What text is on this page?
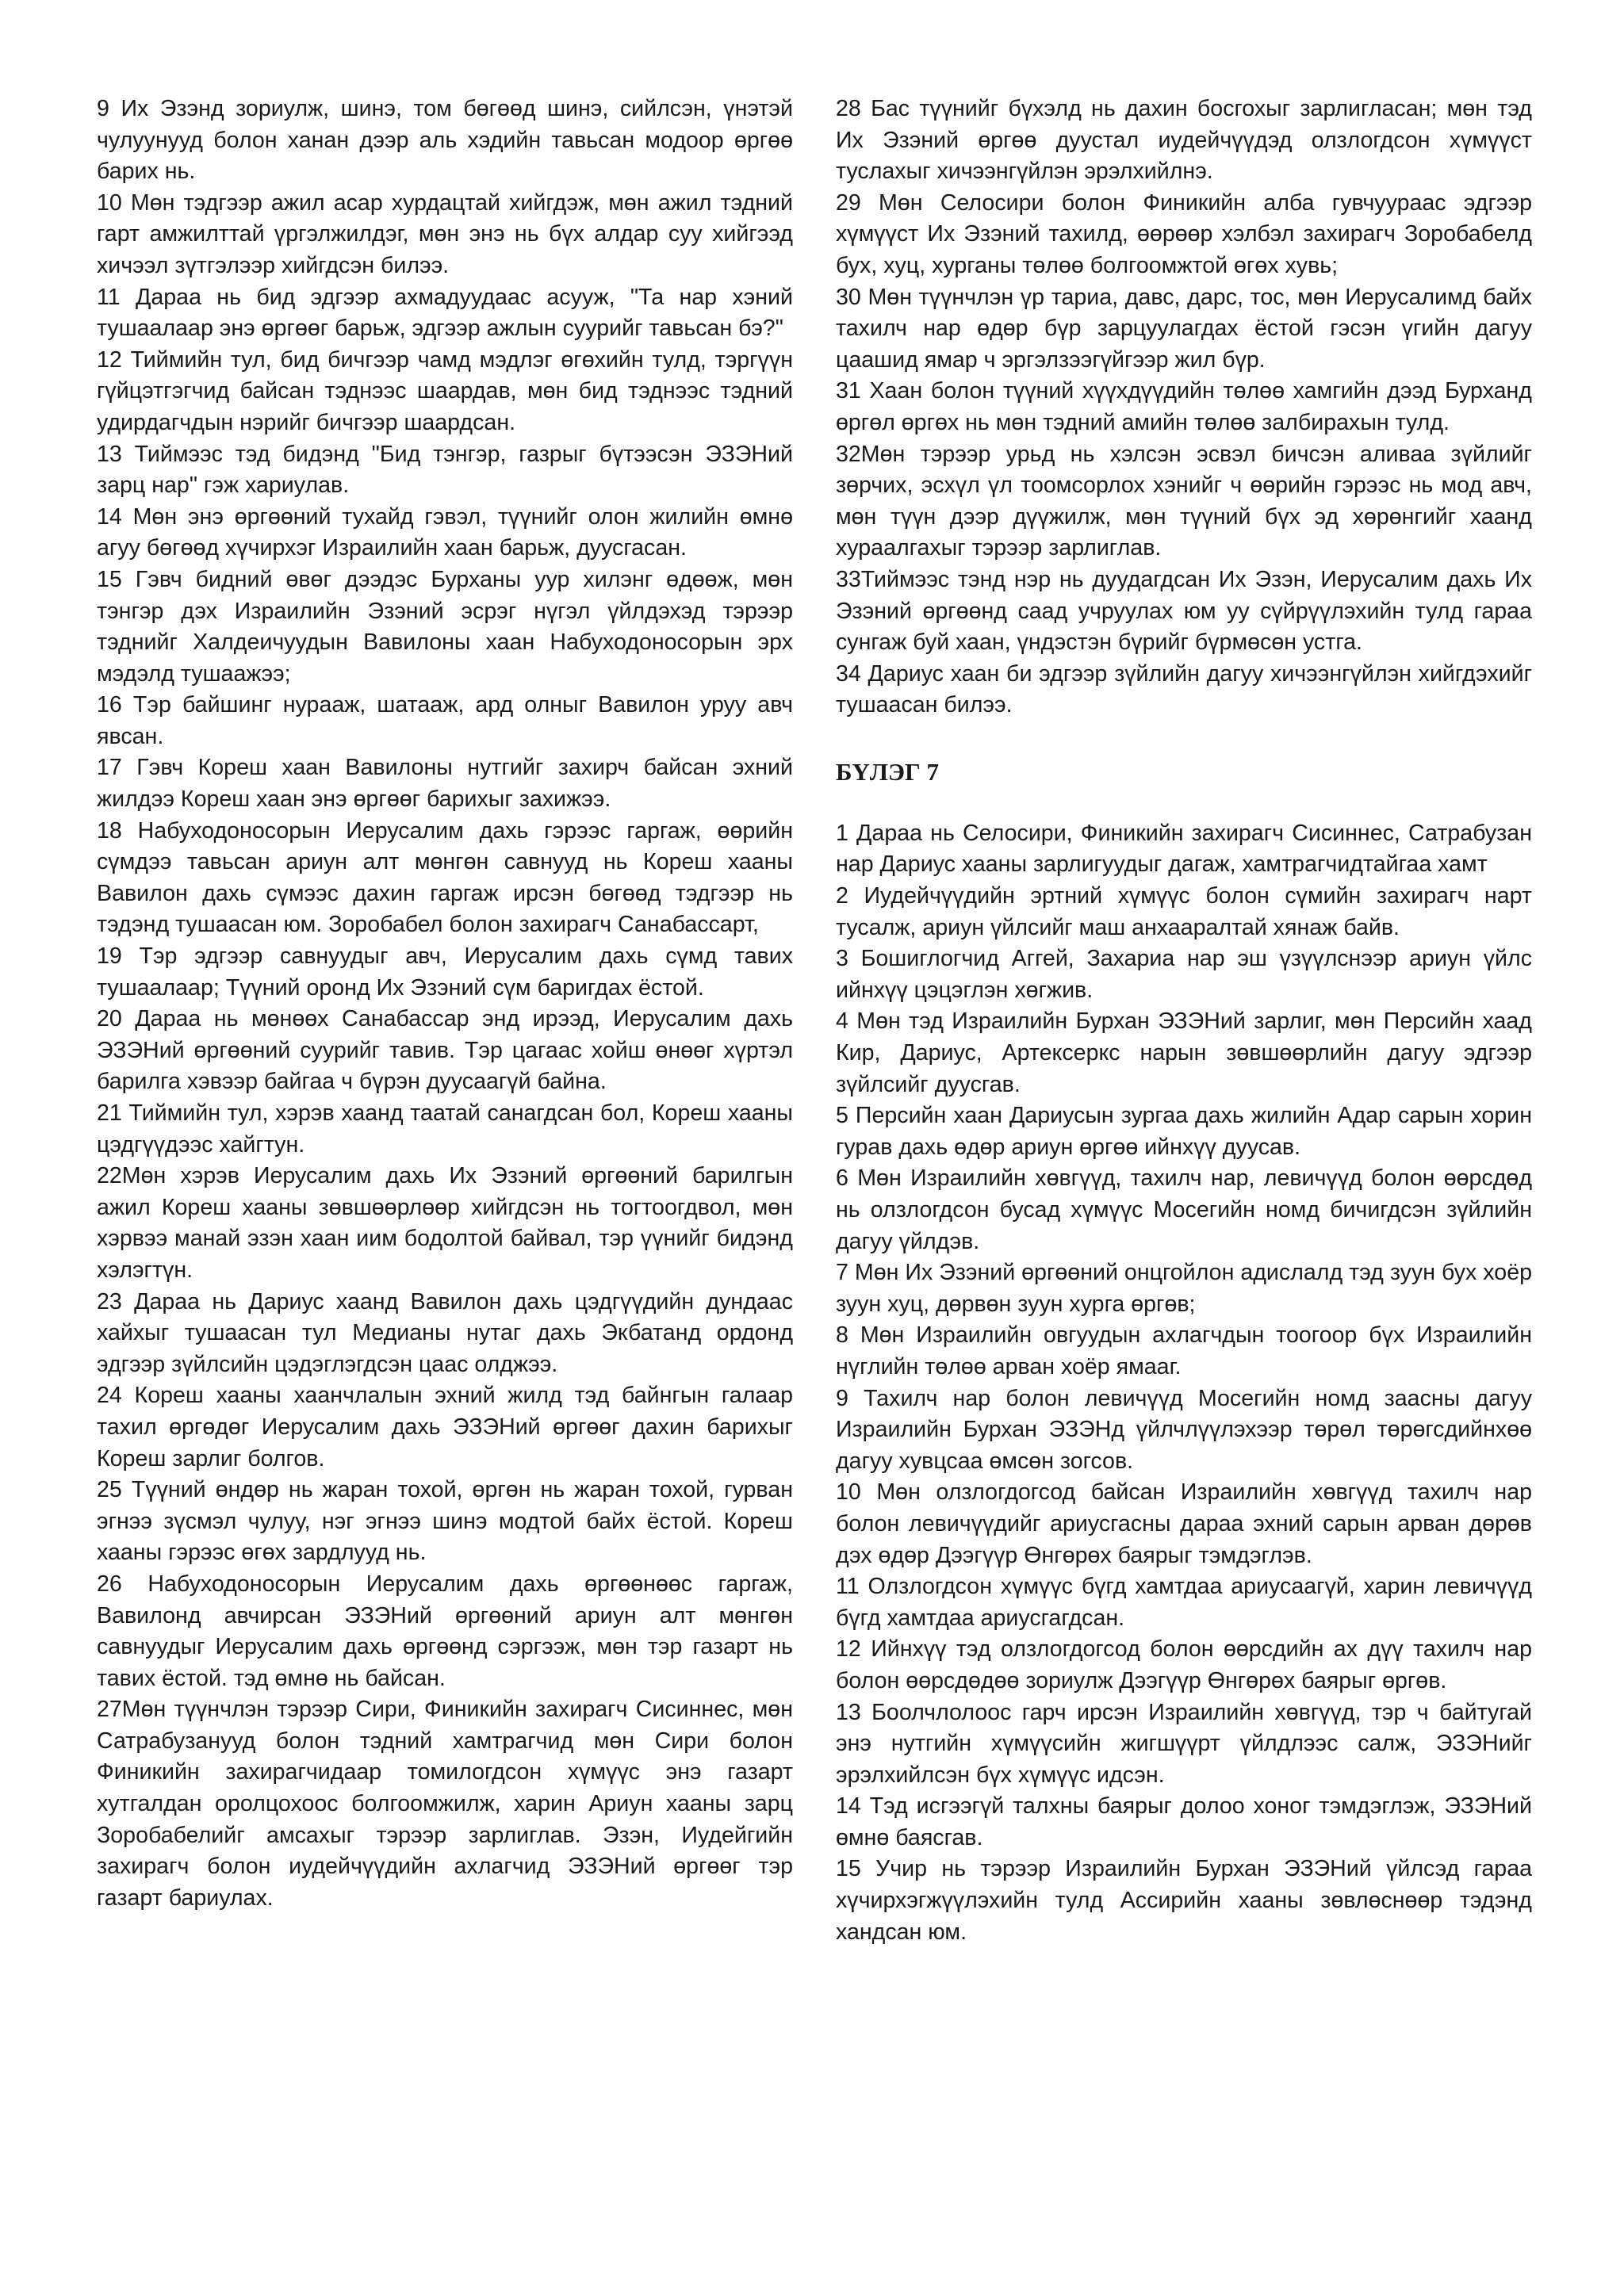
9 Их Эзэнд зориулж, шинэ, том бөгөөд шинэ, сийлсэн, үнэтэй чулуунууд болон ханан дээр аль хэдийн тавьсан модоор өргөө барих нь.

10 Мөн тэдгээр ажил асар хурдацтай хийгдэж, мөн ажил тэдний гарт амжилттай үргэлжилдэг, мөн энэ нь бүх алдар суу хийгээд хичээл зүтгэлээр хийгдсэн билээ.

11 Дараа нь бид эдгээр ахмадуудаас асууж, "Та нар хэний тушаалаар энэ өргөөг барьж, эдгээр ажлын суурийг тавьсан бэ?"

12 Тиймийн тул, бид бичгээр чамд мэдлэг өгөхийн тулд, тэргүүн гүйцэтгэгчид байсан тэднээс шаардав, мөн бид тэднээс тэдний удирдагчдын нэрийг бичгээр шаардсан.

13 Тиймээс тэд бидэнд "Бид тэнгэр, газрыг бүтээсэн ЭЗЭНий зарц нар" гэж хариулав.

14 Мөн энэ өргөөний тухайд гэвэл, түүнийг олон жилийн өмнө агуу бөгөөд хүчирхэг Израилийн хаан барьж, дуусгасан.

15 Гэвч бидний өвөг дээдэс Бурханы уур хилэнг өдөөж, мөн тэнгэр дэх Израилийн Эзэний эсрэг нүгэл үйлдэхэд тэрээр тэднийг Халдеичуудын Вавилоны хаан Набуходоносорын эрх мэдэлд тушаажээ;

16 Тэр байшинг нурааж, шатааж, ард олныг Вавилон уруу авч явсан.

17 Гэвч Кореш хаан Вавилоны нутгийг захирч байсан эхний жилдээ Кореш хаан энэ өргөөг барихыг захижээ.

18 Набуходоносорын Иерусалим дахь гэрээс гаргаж, өөрийн сүмдээ тавьсан ариун алт мөнгөн савнууд нь Кореш хааны Вавилон дахь сүмээс дахин гаргаж ирсэн бөгөөд тэдгээр нь тэдэнд тушаасан юм. Зоробабел болон захирагч Санабассарт,

19 Тэр эдгээр савнуудыг авч, Иерусалим дахь сүмд тавих тушаалаар; Түүний оронд Их Эзэний сүм баригдах ёстой.

20 Дараа нь мөнөөх Санабассар энд ирээд, Иерусалим дахь ЭЗЭНий өргөөний суурийг тавив. Тэр цагаас хойш өнөөг хүртэл барилга хэвээр байгаа ч бүрэн дуусаагүй байна.

21 Тиймийн тул, хэрэв хаанд таатай санагдсан бол, Кореш хааны цэдгүүдээс хайгтун.

22Мөн хэрэв Иерусалим дахь Их Эзэний өргөөний барилгын ажил Кореш хааны зөвшөөрлөөр хийгдсэн нь тогтоогдвол, мөн хэрвээ манай эзэн хаан иим бодолтой байвал, тэр үүнийг бидэнд хэлэгтүн.

23 Дараа нь Дариус хаанд Вавилон дахь цэдгүүдийн дундаас хайхыг тушаасан тул Медианы нутаг дахь Экбатанд ордонд эдгээр зүйлсийн цэдэглэгдсэн цаас олджээ.

24 Кореш хааны хаанчлалын эхний жилд тэд байнгын галаар тахил өргөдөг Иерусалим дахь ЭЗЭНий өргөөг дахин барихыг Кореш зарлиг болгов.

25 Түүний өндөр нь жаран тохой, өргөн нь жаран тохой, гурван эгнээ зүсмэл чулуу, нэг эгнээ шинэ модтой байх ёстой. Кореш хааны гэрээс өгөх зардлууд нь.

26 Набуходоносорын Иерусалим дахь өргөөнөөс гаргаж, Вавилонд авчирсан ЭЗЭНий өргөөний ариун алт мөнгөн савнуудыг Иерусалим дахь өргөөнд сэргээж, мөн тэр газарт нь тавих ёстой. тэд өмнө нь байсан.

27Мөн түүнчлэн тэрээр Сири, Финикийн захирагч Сисиннес, мөн Сатрабузанууд болон тэдний хамтрагчид мөн Сири болон Финикийн захирагчидаар томилогдсон хүмүүс энэ газарт хутгалдан оролцохоос болгоомжилж, харин Ариун хааны зарц Зоробабелийг амсахыг тэрээр зарлиглав. Эзэн, Иудейгийн захирагч болон иудейчүүдийн ахлагчид ЭЗЭНий өргөөг тэр газарт бариулах.

28 Бас түүнийг бүхэлд нь дахин босгохыг зарлигласан; мөн тэд Их Эзэний өргөө дуустал иудейчүүдэд олзлогдсон хүмүүст туслахыг хичээнгүйлэн эрэлхийлнэ.

29 Мөн Селосири болон Финикийн алба гувчуураас эдгээр хүмүүст Их Эзэний тахилд, өөрөөр хэлбэл захирагч Зоробабелд бух, хуц, хурганы төлөө болгоомжтой өгөх хувь;

30 Мөн түүнчлэн үр тариа, давс, дарс, тос, мөн Иерусалимд байх тахилч нар өдөр бүр зарцуулагдах ёстой гэсэн үгийн дагуу цаашид ямар ч эргэлзээгүйгээр жил бүр.

31 Хаан болон түүний хүүхдүүдийн төлөө хамгийн дээд Бурханд өргөл өргөх нь мөн тэдний амийн төлөө залбирахын тулд.

32Мөн тэрээр урьд нь хэлсэн эсвэл бичсэн аливаа зүйлийг зөрчих, эсхүл үл тоомсорлох хэнийг ч өөрийн гэрээс нь мод авч, мөн түүн дээр дүүжилж, мөн түүний бүх эд хөрөнгийг хаанд хураалгахыг тэрээр зарлиглав.

33Тиймээс тэнд нэр нь дуудагдсан Их Эзэн, Иерусалим дахь Их Эзэний өргөөнд саад учруулах юм уу сүйрүүлэхийн тулд гараа сунгаж буй хаан, үндэстэн бүрийг бүрмөсөн устга.

34 Дариус хаан би эдгээр зүйлийн дагуу хичээнгүйлэн хийгдэхийг тушаасан билээ.

БҮЛЭГ 7

1 Дараа нь Селосири, Финикийн захирагч Сисиннес, Сатрабузан нар Дариус хааны зарлигуудыг дагаж, хамтрагчидтайгаа хамт

2 Иудейчүүдийн эртний хүмүүс болон сүмийн захирагч нарт тусалж, ариун үйлсийг маш анхааралтай хянаж байв.

3 Бошиглогчид Аггей, Захариа нар эш үзүүлснээр ариун үйлс ийнхүү цэцэглэн хөгжив.

4 Мөн тэд Израилийн Бурхан ЭЗЭНий зарлиг, мөн Персийн хаад Кир, Дариус, Артексеркс нарын зөвшөөрлийн дагуу эдгээр зүйлсийг дуусгав.

5 Персийн хаан Дариусын зургаа дахь жилийн Адар сарын хорин гурав дахь өдөр ариун өргөө ийнхүү дуусав.

6 Мөн Израилийн хөвгүүд, тахилч нар, левичүүд болон өөрсдөд нь олзлогдсон бусад хүмүүс Мосегийн номд бичигдсэн зүйлийн дагуу үйлдэв.

7 Мөн Их Эзэний өргөөний онцгойлон адислалд тэд зуун бух хоёр зуун хуц, дөрвөн зуун хурга өргөв;

8 Мөн Израилийн овгуудын ахлагчдын тоогоор бүх Израилийн нүглийн төлөө арван хоёр ямааг.

9 Тахилч нар болон левичүүд Мосегийн номд заасны дагуу Израилийн Бурхан ЭЗЭНд үйлчлүүлэхээр төрөл төрөгсдийнхөө дагуу хувцсаа өмсөн зогсов.

10 Мөн олзлогдогсод байсан Израилийн хөвгүүд тахилч нар болон левичүүдийг ариусгасны дараа эхний сарын арван дөрөв дэх өдөр Дээгүүр Өнгөрөх баярыг тэмдэглэв.

11 Олзлогдсон хүмүүс бүгд хамтдаа ариусаагүй, харин левичүүд бүгд хамтдаа ариусгагдсан.

12 Ийнхүү тэд олзлогдогсод болон өөрсдийн ах дүү тахилч нар болон өөрсдөдөө зориулж Дээгүүр Өнгөрөх баярыг өргөв.

13 Боолчлолоос гарч ирсэн Израилийн хөвгүүд, тэр ч байтугай энэ нутгийн хүмүүсийн жигшүүрт үйлдлээс салж, ЭЗЭНийг эрэлхийлсэн бүх хүмүүс идсэн.

14 Тэд исгээгүй талхны баярыг долоо хоног тэмдэглэж, ЭЗЭНий өмнө баясгав.

15 Учир нь тэрээр Израилийн Бурхан ЭЗЭНий үйлсэд гараа хүчирхэгжүүлэхийн тулд Ассирийн хааны зөвлөснөөр тэдэнд хандсан юм.
